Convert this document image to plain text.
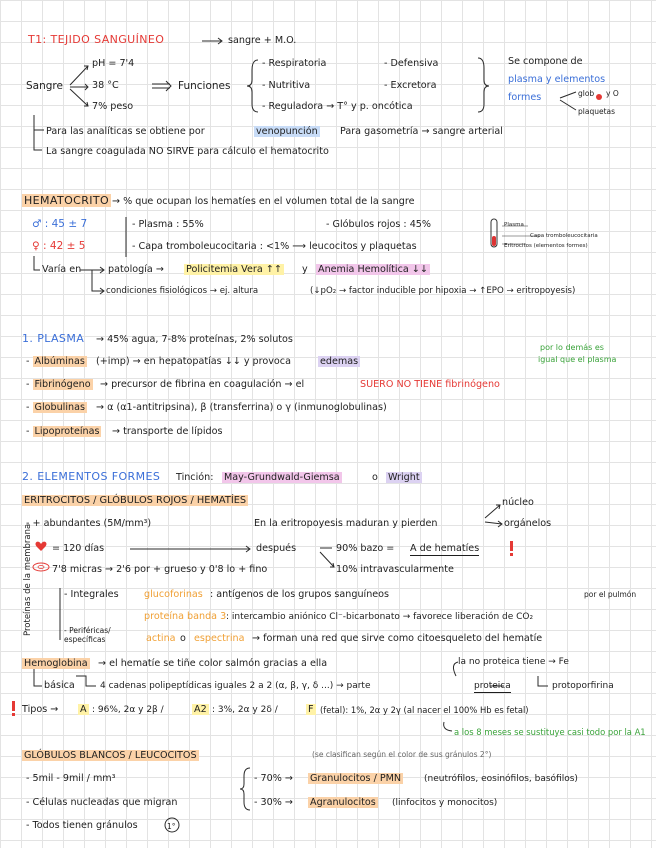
T1: TEJIDO SANGUÍNEO	sangre + M.O.
Sangre
pH = 7'4
38 °C
7% peso
Funciones
- Respiratoria
- Nutritiva
- Reguladora → T° y p. oncótica
- Defensiva
- Excretora
Se compone de
plasma y elementos
formes	glob y O
plaquetas
Para las analíticas se obtiene por	venopunción Para gasometría → sangre arterial
La sangre coagulada NO SIRVE para cálculo el hematocrito
HEMATOCRITO → % que ocupan los hematíes en el volumen total de la sangre
♂ : 45 ± 7
♀ : 42 ± 5
- Plasma : 55%
- Capa tromboleucocitaria : <1% ⟶ leucocitos y plaquetas
- Glóbulos rojos : 45%	Plasma
Capa tromboleucocitaria
Eritrocitos (elementos formes)
Varía en	patología → Policitemia Vera ↑↑ y Anemia Hemolítica ↓↓
condiciones fisiológicos → ej. altura	(↓pO₂ → factor inducible por hipoxia → ↑EPO → eritropoyesis)
1. PLASMA → 45% agua, 7-8% proteínas, 2% solutos
por lo demás es
igual que el plasma
- Albúminas (+imp) → en hepatopatías ↓↓ y provoca	edemas
- Fibrinógeno → precursor de fibrina en coagulación → el	SUERO NO TIENE fibrinógeno
- Globulinas → α (α1-antitripsina), β (transferrina) o γ (inmunoglobulinas)
- Lipoproteínas → transporte de lípidos
2. ELEMENTOS FORMES Tinción: May-Grundwald-Giemsa	o Wright
ERITROCITOS / GLÓBULOS ROJOS / HEMATÍES	núcleo
orgánelos
- + abundantes (5M/mm³)	En la eritropoyesis maduran y pierden
= 120 días	después	90% bazo = A de hematíes
10% intravascularmente
7'8 micras → 2'6 por + grueso y 0'8 lo + fino
Proteínas de la membrana	- Integrales	glucoforinas : antígenos de los grupos sanguíneos	por el pulmón
proteína banda 3 : intercambio aniónico Cl⁻-bicarbonato → favorece liberación de CO₂
- Periféricas/ específicas	actina o espectrina → forman una red que sirve como citoesqueleto del hematíe
Hemoglobina → el hematíe se tiñe color salmón gracias a ella	la no proteica tiene → Fe
básica	4 cadenas polipeptídicas iguales 2 a 2 (α, β, γ, δ ...) → parte	proteica	protoporfirina
Tipos → A : 96%, 2α y 2β /	A2 : 3%, 2α y 2δ /	F (fetal): 1%, 2α y 2γ (al nacer el 100% Hb es fetal)
a los 8 meses se sustituye casi todo por la A1
GLÓBULOS BLANCOS / LEUCOCITOS	(se clasifican según el color de sus gránulos 2°)
- 5mil - 9mil / mm³
- Células nucleadas que migran
- Todos tienen gránulos	1°
- 70% → Granulocitos / PMN	(neutrófilos, eosinófilos, basófilos)
- 30% → Agranulocitos (linfocitos y monocitos)
